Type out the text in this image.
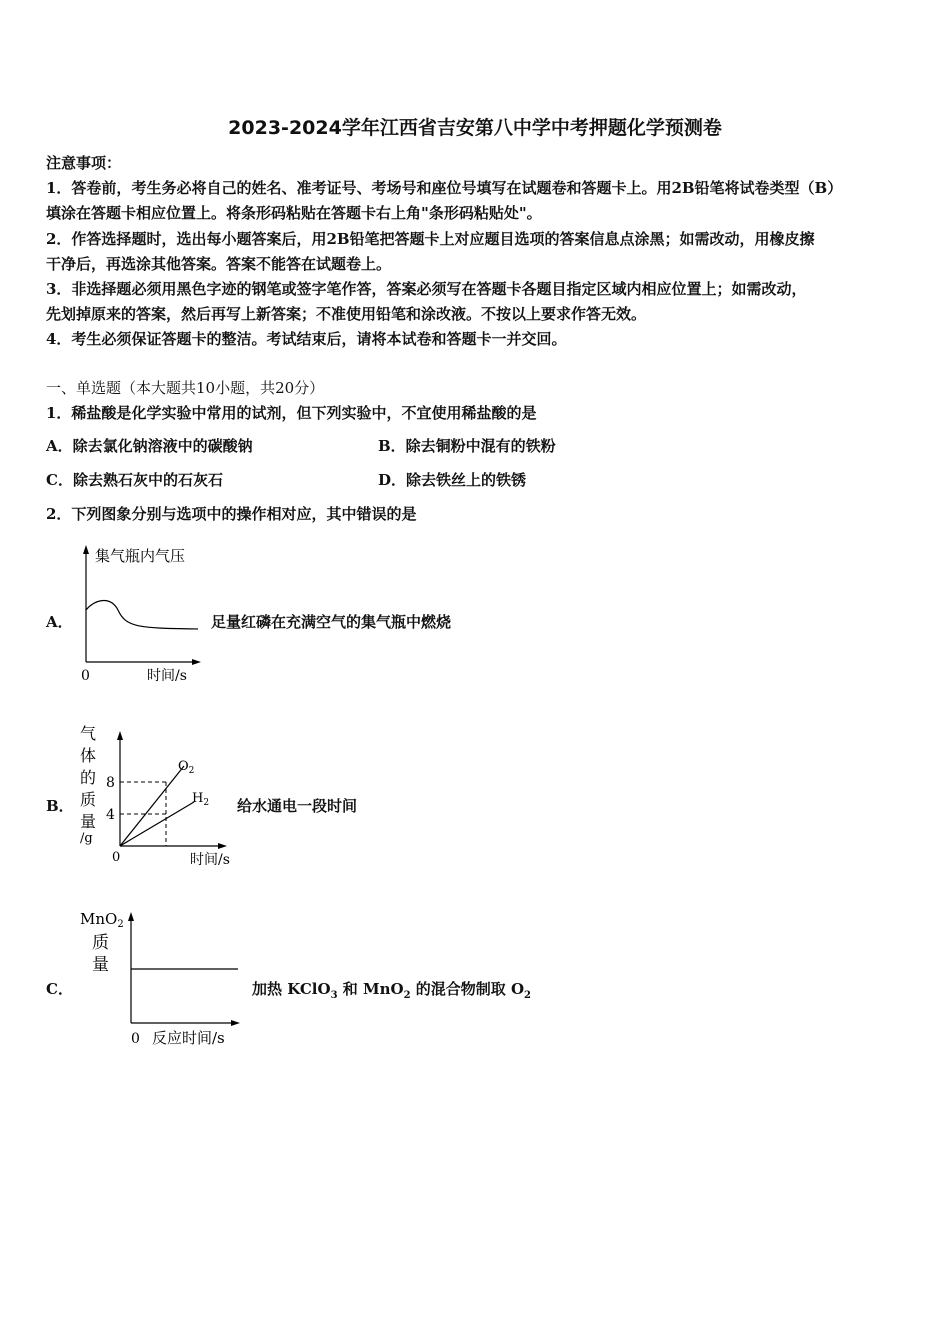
2023-2024学年江西省吉安第八中学中考押题化学预测卷
注意事项：
1．答卷前，考生务必将自己的姓名、准考证号、考场号和座位号填写在试题卷和答题卡上。用2B铅笔将试卷类型（B）
填涂在答题卡相应位置上。将条形码粘贴在答题卡右上角"条形码粘贴处"。
2．作答选择题时，选出每小题答案后，用2B铅笔把答题卡上对应题目选项的答案信息点涂黑；如需改动，用橡皮擦
干净后，再选涂其他答案。答案不能答在试题卷上。
3．非选择题必须用黑色字迹的钢笔或签字笔作答，答案必须写在答题卡各题目指定区域内相应位置上；如需改动，
先划掉原来的答案，然后再写上新答案；不准使用铅笔和涂改液。不按以上要求作答无效。
4．考生必须保证答题卡的整洁。考试结束后，请将本试卷和答题卡一并交回。
一、单选题（本大题共10小题，共20分）
1．稀盐酸是化学实验中常用的试剂，但下列实验中，不宜使用稀盐酸的是
A．除去氯化钠溶液中的碳酸钠	B．除去铜粉中混有的铁粉
C．除去熟石灰中的石灰石	D．除去铁丝上的铁锈
2．下列图象分别与选项中的操作相对应，其中错误的是
A．
集气瓶内气压
0	时间/s
足量红磷在充满空气的集气瓶中燃烧
B．
气
体
的
质
量
/g
8
4
0	时间/s
$O_2$
$H_2$ 给水通电一段时间
C．
MnO$_2$
质
量
0 反应时间/s
加热 KClO$_3$ 和 MnO$_2$ 的混合物制取 $O_2$
